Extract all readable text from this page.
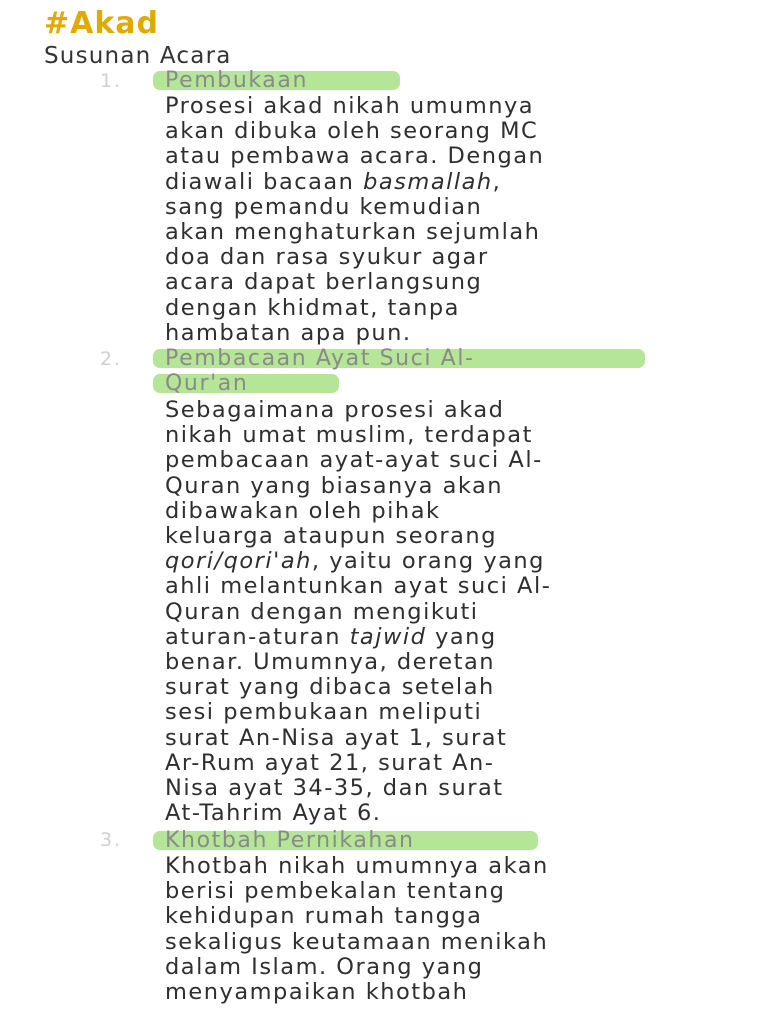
#Akad
Susunan Acara
1. Pembukaan
Prosesi akad nikah umumnya
akan dibuka oleh seorang MC
atau pembawa acara. Dengan
diawali bacaan basmallah,
sang pemandu kemudian
akan menghaturkan sejumlah
doa dan rasa syukur agar
acara dapat berlangsung
dengan khidmat, tanpa
hambatan apa pun.
2. Pembacaan Ayat Suci Al-
Qur'an
Sebagaimana prosesi akad
nikah umat muslim, terdapat
pembacaan ayat-ayat suci Al-
Quran yang biasanya akan
dibawakan oleh pihak
keluarga ataupun seorang
qori/qori'ah, yaitu orang yang
ahli melantunkan ayat suci Al-
Quran dengan mengikuti
aturan-aturan tajwid yang
benar. Umumnya, deretan
surat yang dibaca setelah
sesi pembukaan meliputi
surat An-Nisa ayat 1, surat
Ar-Rum ayat 21, surat An-
Nisa ayat 34-35, dan surat
At-Tahrim Ayat 6.
3. Khotbah Pernikahan
Khotbah nikah umumnya akan
berisi pembekalan tentang
kehidupan rumah tangga
sekaligus keutamaan menikah
dalam Islam. Orang yang
menyampaikan khotbah
